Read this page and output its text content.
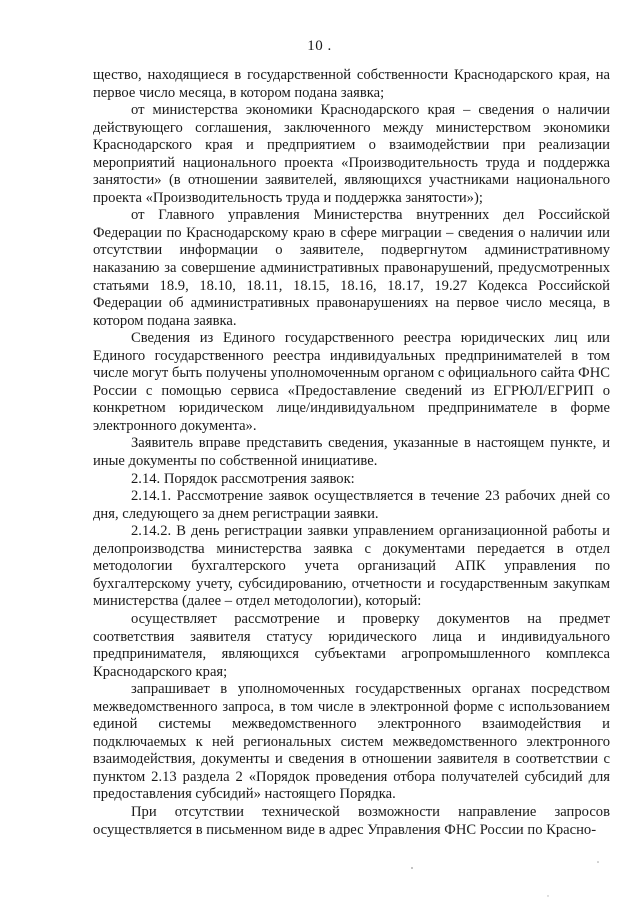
10 .

щество, находящиеся в государственной собственности Краснодарского края, на первое число месяца, в котором подана заявка;

от министерства экономики Краснодарского края – сведения о наличии действующего соглашения, заключенного между министерством экономики Краснодарского края и предприятием о взаимодействии при реализации мероприятий национального проекта «Производительность труда и поддержка занятости» (в отношении заявителей, являющихся участниками национального проекта «Производительность труда и поддержка занятости»);

от Главного управления Министерства внутренних дел Российской Федерации по Краснодарскому краю в сфере миграции – сведения о наличии или отсутствии информации о заявителе, подвергнутом административному наказанию за совершение административных правонарушений, предусмотренных статьями 18.9, 18.10, 18.11, 18.15, 18.16, 18.17, 19.27 Кодекса Российской Федерации об административных правонарушениях на первое число месяца, в котором подана заявка.

Сведения из Единого государственного реестра юридических лиц или Единого государственного реестра индивидуальных предпринимателей в том числе могут быть получены уполномоченным органом с официального сайта ФНС России с помощью сервиса «Предоставление сведений из ЕГРЮЛ/ЕГРИП о конкретном юридическом лице/индивидуальном предпринимателе в форме электронного документа».

Заявитель вправе представить сведения, указанные в настоящем пункте, и иные документы по собственной инициативе.

2.14. Порядок рассмотрения заявок:

2.14.1. Рассмотрение заявок осуществляется в течение 23 рабочих дней со дня, следующего за днем регистрации заявки.

2.14.2. В день регистрации заявки управлением организационной работы и делопроизводства министерства заявка с документами передается в отдел методологии бухгалтерского учета организаций АПК управления по бухгалтерскому учету, субсидированию, отчетности и государственным закупкам министерства (далее – отдел методологии), который:

осуществляет рассмотрение и проверку документов на предмет соответствия заявителя статусу юридического лица и индивидуального предпринимателя, являющихся субъектами агропромышленного комплекса Краснодарского края;

запрашивает в уполномоченных государственных органах посредством межведомственного запроса, в том числе в электронной форме с использованием единой системы межведомственного электронного взаимодействия и подключаемых к ней региональных систем межведомственного электронного взаимодействия, документы и сведения в отношении заявителя в соответствии с пунктом 2.13 раздела 2 «Порядок проведения отбора получателей субсидий для предоставления субсидий» настоящего Порядка.

При отсутствии технической возможности направление запросов осуществляется в письменном виде в адрес Управления ФНС России по Красно-
